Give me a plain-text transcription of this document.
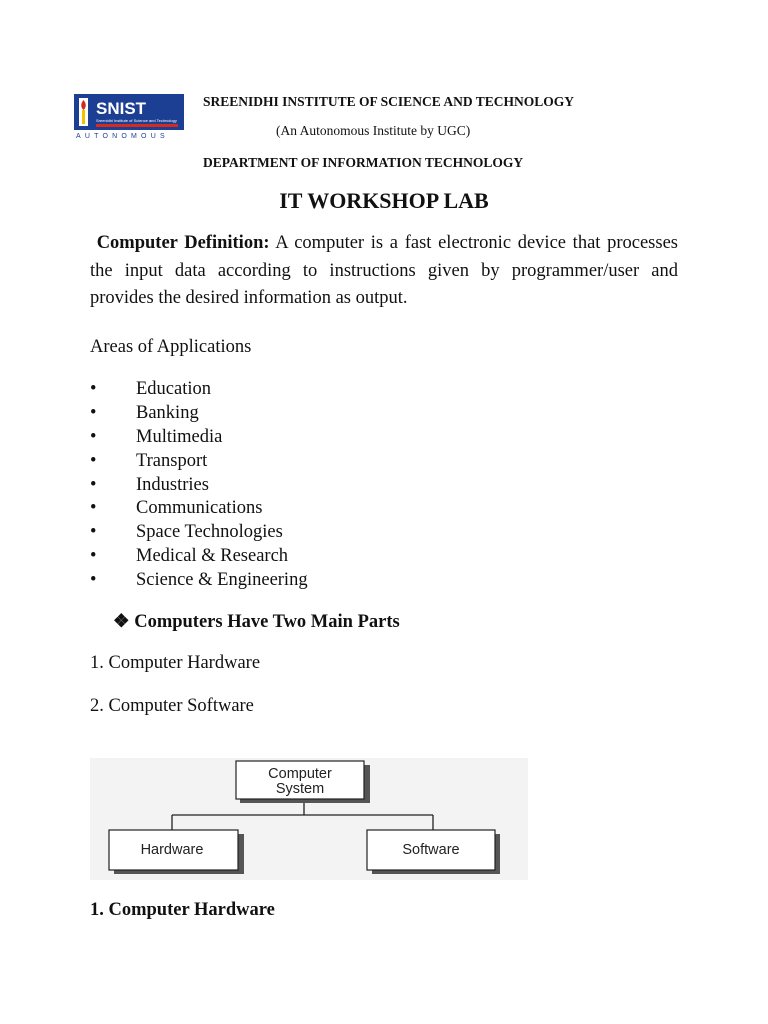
SNIST
Sreenidhi Institute of Science and Technology
AUTONOMOUS
SREENIDHI INSTITUTE OF SCIENCE AND TECHNOLOGY
(An Autonomous Institute by UGC)
DEPARTMENT OF INFORMATION TECHNOLOGY
IT WORKSHOP LAB
Computer Definition: A computer is a fast electronic device that processes the input data according to instructions given by programmer/user and provides the desired information as output.
Areas of Applications
•	Education
•	Banking
•	Multimedia
•	Transport
•	Industries
•	Communications
•	Space Technologies
•	Medical & Research
•	Science & Engineering
❖ Computers Have Two Main Parts
1. Computer Hardware
2. Computer Software
Computer
System
Hardware	Software
1. Computer Hardware
